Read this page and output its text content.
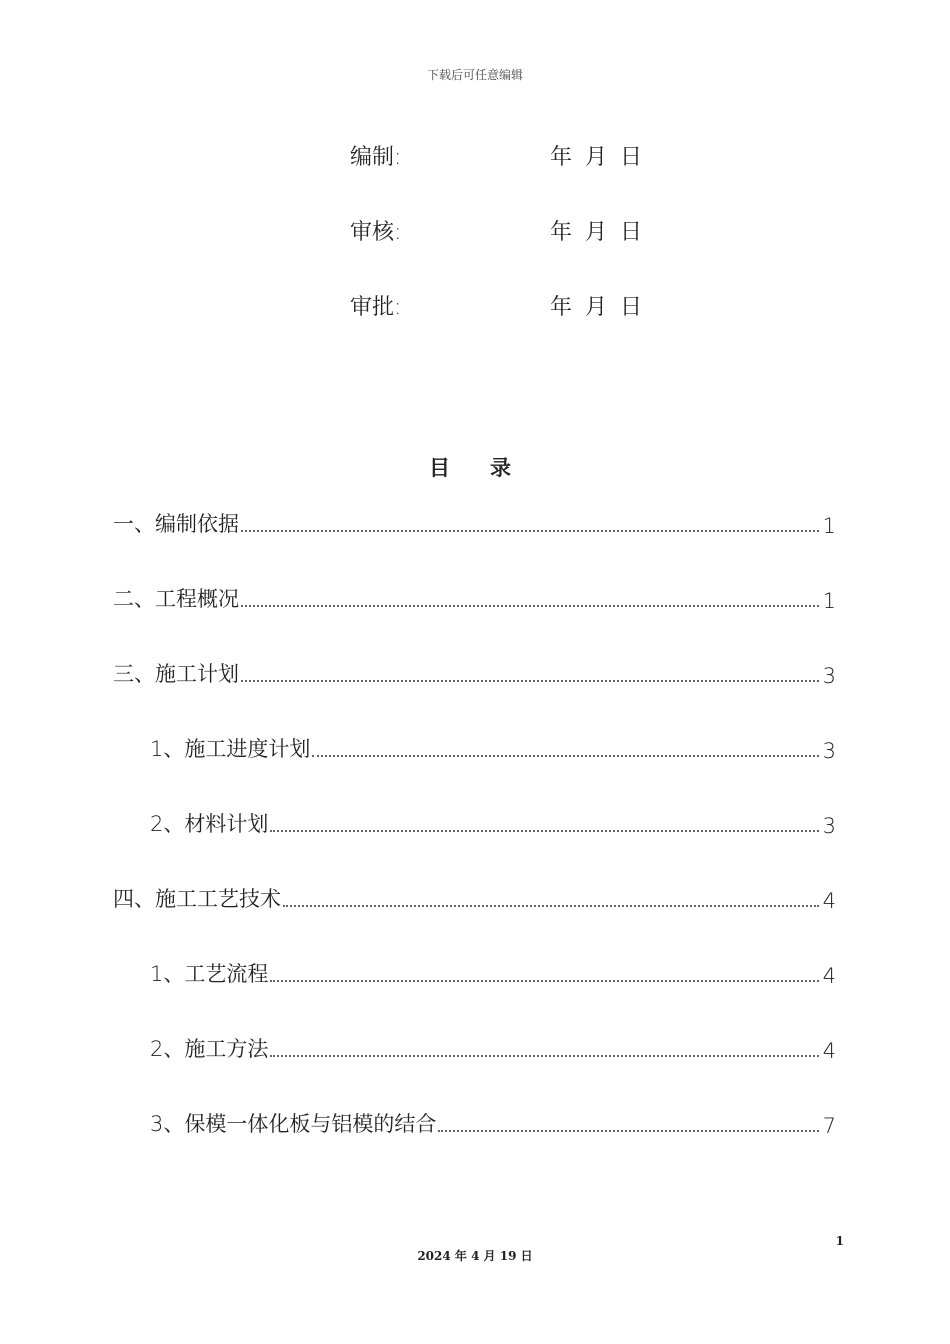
下载后可任意编辑
编制:	年 月 日
审核:	年 月 日
审批:	年 月 日
目录
一、编制依据	1
二、工程概况	1
三、施工计划	3
1、施工进度计划	3
2、材料计划	3
四、施工工艺技术	4
1、工艺流程	4
2、施工方法	4
3、保模一体化板与铝模的结合	7
1
2024 年 4 月 19 日
